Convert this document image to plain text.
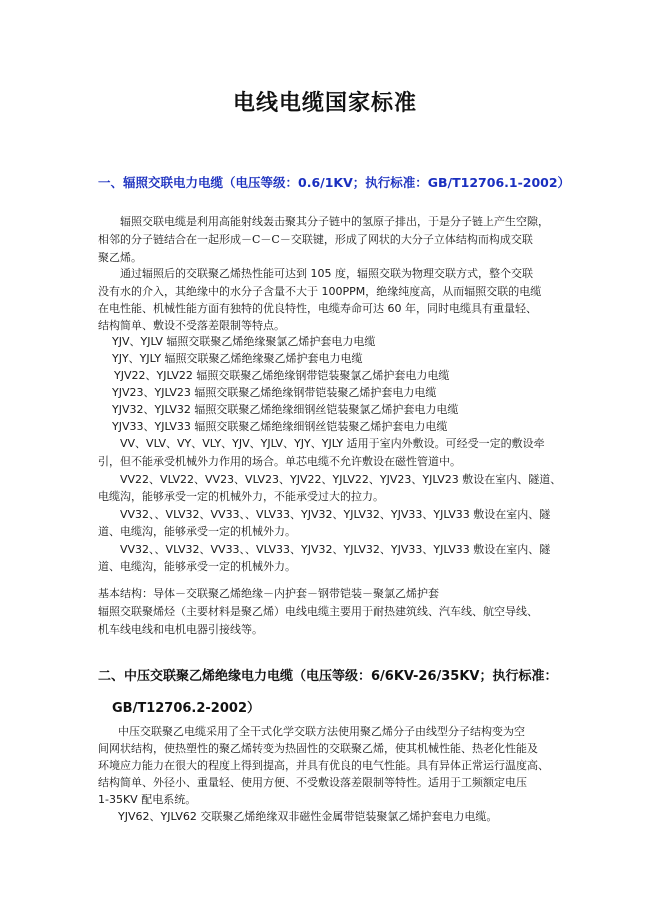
电线电缆国家标准
一、辐照交联电力电缆（电压等级：0.6/1KV；执行标准：GB/T12706.1-2002）
辐照交联电缆是利用高能射线轰击聚其分子链中的氢原子排出，于是分子链上产生空隙，
相邻的分子链结合在一起形成－C－C－交联键，形成了网状的大分子立体结构而构成交联
聚乙烯。
通过辐照后的交联聚乙烯热性能可达到 105 度，辐照交联为物理交联方式，整个交联
没有水的介入，其绝缘中的水分子含量不大于 100PPM，绝缘纯度高，从而辐照交联的电缆
在电性能、机械性能方面有独特的优良特性，电缆寿命可达 60 年，同时电缆具有重量轻、
结构简单、敷设不受落差限制等特点。
YJV、YJLV 辐照交联聚乙烯绝缘聚氯乙烯护套电力电缆
YJY、YJLY 辐照交联聚乙烯绝缘聚乙烯护套电力电缆
YJV22、YJLV22 辐照交联聚乙烯绝缘钢带铠装聚氯乙烯护套电力电缆
YJV23、YJLV23 辐照交联聚乙烯绝缘钢带铠装聚乙烯护套电力电缆
YJV32、YJLV32 辐照交联聚乙烯绝缘细钢丝铠装聚氯乙烯护套电力电缆
YJV33、YJLV33 辐照交联聚乙烯绝缘细钢丝铠装聚乙烯护套电力电缆
VV、VLV、VY、VLY、YJV、YJLV、YJY、YJLY 适用于室内外敷设。可经受一定的敷设牵
引，但不能承受机械外力作用的场合。单芯电缆不允许敷设在磁性管道中。
VV22、VLV22、VV23、VLV23、YJV22、YJLV22、YJV23、YJLV23 敷设在室内、隧道、
电缆沟，能够承受一定的机械外力，不能承受过大的拉力。
VV32、、VLV32、VV33、、VLV33、YJV32、YJLV32、YJV33、YJLV33 敷设在室内、隧
道、电缆沟，能够承受一定的机械外力。
VV32、、VLV32、VV33、、VLV33、YJV32、YJLV32、YJV33、YJLV33 敷设在室内、隧
道、电缆沟，能够承受一定的机械外力。
基本结构：导体－交联聚乙烯绝缘－内护套－钢带铠装－聚氯乙烯护套
辐照交联聚烯烃（主要材料是聚乙烯）电线电缆主要用于耐热建筑线、汽车线、航空导线、
机车线电线和电机电器引接线等。
二、中压交联聚乙烯绝缘电力电缆（电压等级：6/6KV-26/35KV；执行标准：
GB/T12706.2-2002）
中压交联聚乙电缆采用了全干式化学交联方法使用聚乙烯分子由线型分子结构变为空
间网状结构，使热塑性的聚乙烯转变为热固性的交联聚乙烯，使其机械性能、热老化性能及
环境应力能力在很大的程度上得到提高，并具有优良的电气性能。具有异体正常运行温度高、
结构简单、外径小、重量轻、使用方便、不受敷设落差限制等特性。适用于工频额定电压
1-35KV 配电系统。
YJV62、YJLV62 交联聚乙烯绝缘双非磁性金属带铠装聚氯乙烯护套电力电缆。
